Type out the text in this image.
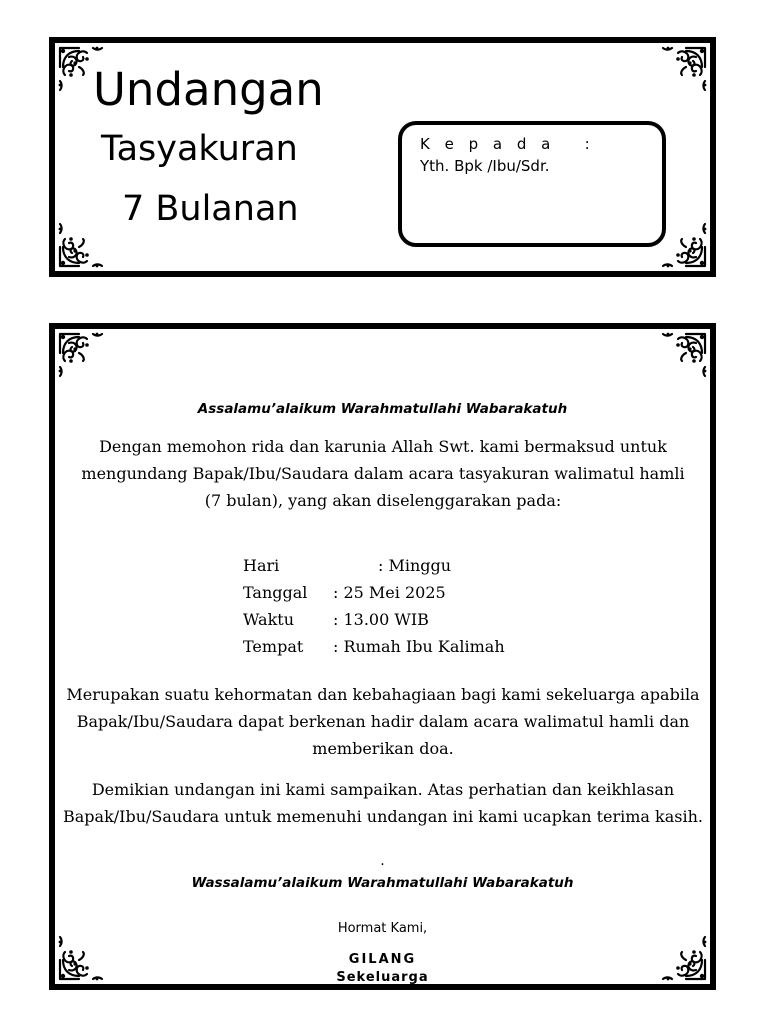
Undangan
Tasyakuran
7 Bulanan
K e p a d a   :
Yth. Bpk /Ibu/Sdr.
Assalamu’alaikum Warahmatullahi Wabarakatuh

Dengan memohon rida dan karunia Allah Swt. kami bermaksud untuk mengundang Bapak/Ibu/Saudara dalam acara tasyakuran walimatul hamli

(7 bulan), yang akan diselenggarakan pada:

Hari	: Minggu
Tanggal : 25 Mei 2025
Waktu : 13.00 WIB
Tempat : Rumah Ibu Kalimah
Merupakan suatu kehormatan dan kebahagiaan bagi kami sekeluarga apabila Bapak/Ibu/Saudara dapat berkenan hadir dalam acara walimatul hamli dan memberikan doa.
Demikian undangan ini kami sampaikan. Atas perhatian dan keikhlasan Bapak/Ibu/Saudara untuk memenuhi undangan ini kami ucapkan terima kasih.
.
Wassalamu’alaikum Warahmatullahi Wabarakatuh
Hormat Kami,
GILANG
Sekeluarga
